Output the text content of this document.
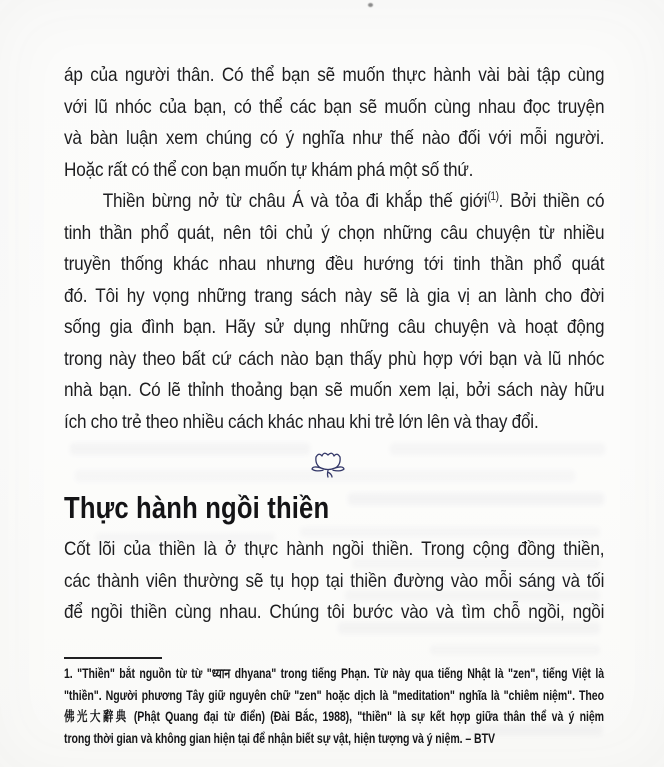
áp của người thân. Có thể bạn sẽ muốn thực hành vài bài tập cùng
với lũ nhóc của bạn, có thể các bạn sẽ muốn cùng nhau đọc truyện
và bàn luận xem chúng có ý nghĩa như thế nào đối với mỗi người.
Hoặc rất có thể con bạn muốn tự khám phá một số thứ.
Thiền bừng nở từ châu Á và tỏa đi khắp thế giới$^{(1)}$. Bởi thiền có
tinh thần phổ quát, nên tôi chủ ý chọn những câu chuyện từ nhiều
truyền thống khác nhau nhưng đều hướng tới tinh thần phổ quát
đó. Tôi hy vọng những trang sách này sẽ là gia vị an lành cho đời
sống gia đình bạn. Hãy sử dụng những câu chuyện và hoạt động
trong này theo bất cứ cách nào bạn thấy phù hợp với bạn và lũ nhóc
nhà bạn. Có lẽ thỉnh thoảng bạn sẽ muốn xem lại, bởi sách này hữu
ích cho trẻ theo nhiều cách khác nhau khi trẻ lớn lên và thay đổi.
Thực hành ngồi thiền
Cốt lõi của thiền là ở thực hành ngồi thiền. Trong cộng đồng thiền,
các thành viên thường sẽ tụ họp tại thiền đường vào mỗi sáng và tối
để ngồi thiền cùng nhau. Chúng tôi bước vào và tìm chỗ ngồi, ngồi
1. "Thiền" bắt nguồn từ từ "ध्यान dhyana" trong tiếng Phạn. Từ này qua tiếng Nhật là "zen", tiếng Việt là
"thiền". Người phương Tây giữ nguyên chữ "zen" hoặc dịch là "meditation" nghĩa là "chiêm niệm". Theo
佛光大辭典 (Phật Quang đại từ điển) (Đài Bắc, 1988), "thiền" là sự kết hợp giữa thân thể và ý niệm
trong thời gian và không gian hiện tại để nhận biết sự vật, hiện tượng và ý niệm. – BTV
